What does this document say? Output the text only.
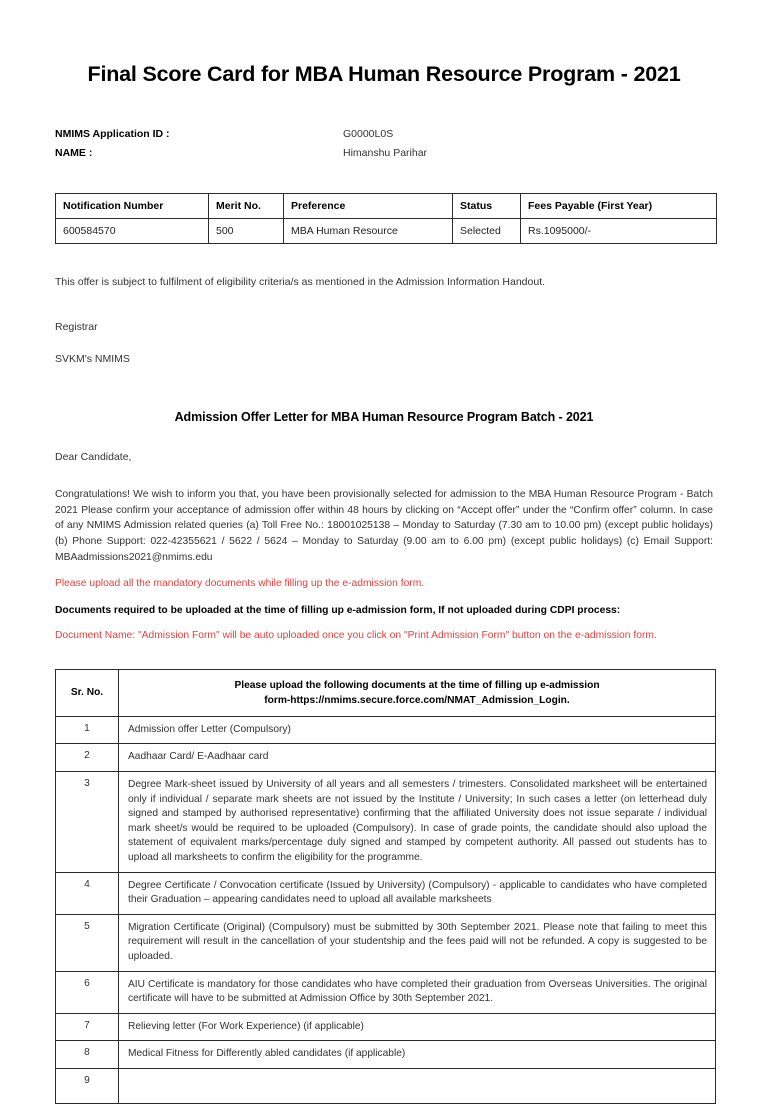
Final Score Card for MBA Human Resource Program - 2021
NMIMS Application ID :	G0000L0S
NAME :	Himanshu Parihar
Notification Number	Merit No.	Preference	Status	Fees Payable (First Year)
600584570	500	MBA Human Resource	Selected	Rs.1095000/-

This offer is subject to fulfilment of eligibility criteria/s as mentioned in the Admission Information Handout.

Registrar

SVKM's NMIMS

Admission Offer Letter for MBA Human Resource Program Batch - 2021

Dear Candidate,

Congratulations! We wish to inform you that, you have been provisionally selected for admission to the MBA Human Resource Program - Batch 2021 Please confirm your acceptance of admission offer within 48 hours by clicking on “Accept offer” under the “Confirm offer” column. In case of any NMIMS Admission related queries (a) Toll Free No.: 18001025138 – Monday to Saturday (7.30 am to 10.00 pm) (except public holidays) (b) Phone Support: 022-42355621 / 5622 / 5624 – Monday to Saturday (9.00 am to 6.00 pm) (except public holidays) (c) Email Support: MBAadmissions2021@nmims.edu

Please upload all the mandatory documents while filling up the e-admission form.

Documents required to be uploaded at the time of filling up e-admission form, If not uploaded during CDPI process:

Document Name: "Admission Form" will be auto uploaded once you click on "Print Admission Form" button on the e-admission form.

Sr. No.	Please upload the following documents at the time of filling up e-admission
form-https://nmims.secure.force.com/NMAT_Admission_Login.
1	Admission offer Letter (Compulsory)
2	Aadhaar Card/ E-Aadhaar card
3	Degree Mark-sheet issued by University of all years and all semesters / trimesters. Consolidated marksheet will be entertained only if individual / separate mark sheets are not issued by the Institute / University; In such cases a letter (on letterhead duly signed and stamped by authorised representative) confirming that the affiliated University does not issue separate / individual mark sheet/s would be required to be uploaded (Compulsory). In case of grade points, the candidate should also upload the statement of equivalent marks/percentage duly signed and stamped by competent authority. All passed out students has to upload all marksheets to confirm the eligibility for the programme.
4	Degree Certificate / Convocation certificate (Issued by University) (Compulsory) - applicable to candidates who have completed their Graduation – appearing candidates need to upload all available marksheets
5	Migration Certificate (Original) (Compulsory) must be submitted by 30th September 2021. Please note that failing to meet this requirement will result in the cancellation of your studentship and the fees paid will not be refunded. A copy is suggested to be uploaded.
6	AIU Certificate is mandatory for those candidates who have completed their graduation from Overseas Universities. The original certificate will have to be submitted at Admission Office by 30th September 2021.
7	Relieving letter (For Work Experience) (if applicable)
8	Medical Fitness for Differently abled candidates (if applicable)
9	
